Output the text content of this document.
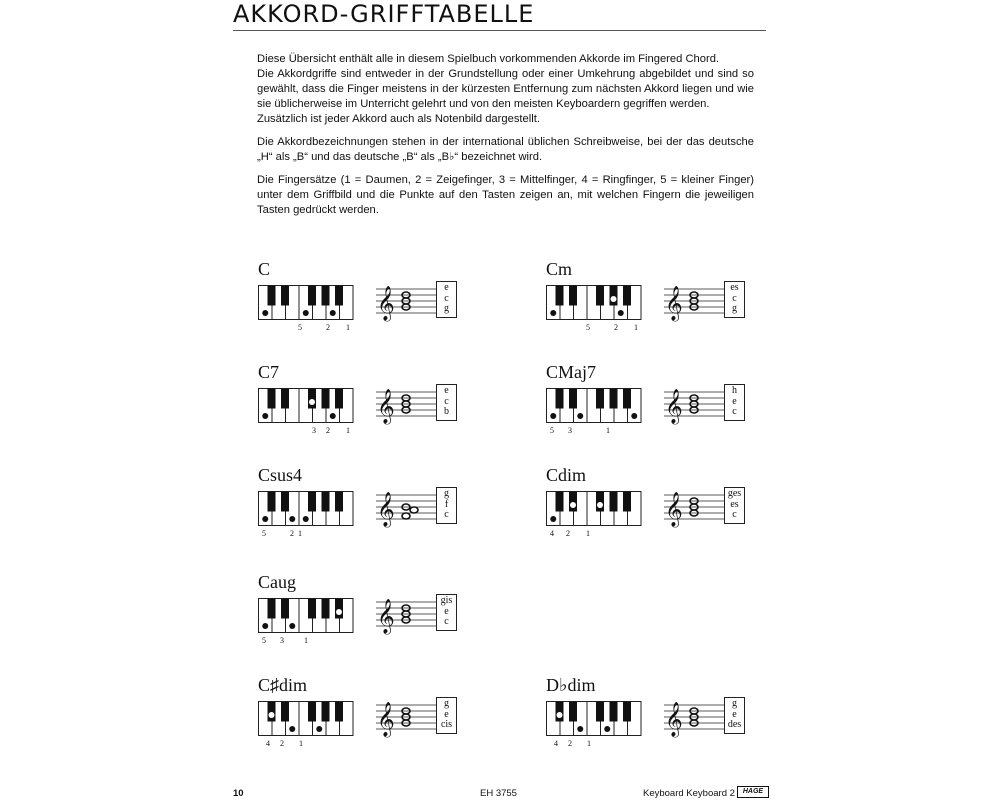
AKKORD-GRIFFTABELLE

Diese Übersicht enthält alle in diesem Spielbuch vorkommenden Akkorde im Fingered Chord.
Die Akkordgriffe sind entweder in der Grundstellung oder einer Umkehrung abgebildet und sind so gewählt, dass die Finger meistens in der kürzesten Entfernung zum nächsten Akkord liegen und wie sie üblicherweise im Unterricht gelehrt und von den meisten Keyboardern gegriffen werden.
Zusätzlich ist jeder Akkord auch als Notenbild dargestellt.

Die Akkordbezeichnungen stehen in der international üblichen Schreibweise, bei der das deutsche „H“ als „B“ und das deutsche „B“ als „B♭“ bezeichnet wird.

Die Fingersätze (1 = Daumen, 2 = Zeigefinger, 3 = Mittelfinger, 4 = Ringfinger, 5 = kleiner Finger) unter dem Griffbild und die Punkte auf den Tasten zeigen an, mit welchen Fingern die jeweiligen Tasten gedrückt werden.

C
5	2 1
𝄞	e
c
g
Cm
5	2 1
𝄞	es
c
g
C7
3 2 1
𝄞	e
c
b
CMaj7
5 3	1
𝄞	h
e
c
Csus4
5	2 1
𝄞	g
f
c
Cdim
4 2 1
𝄞	ges
es
c
Caug
5 3	1
𝄞	gis
e
c
C♯dim
4 2 1
𝄞	g
e
cis
D♭dim
4 2 1
𝄞	g
e
des
10	EH 3755	Keyboard Keyboard 2	HAGE
